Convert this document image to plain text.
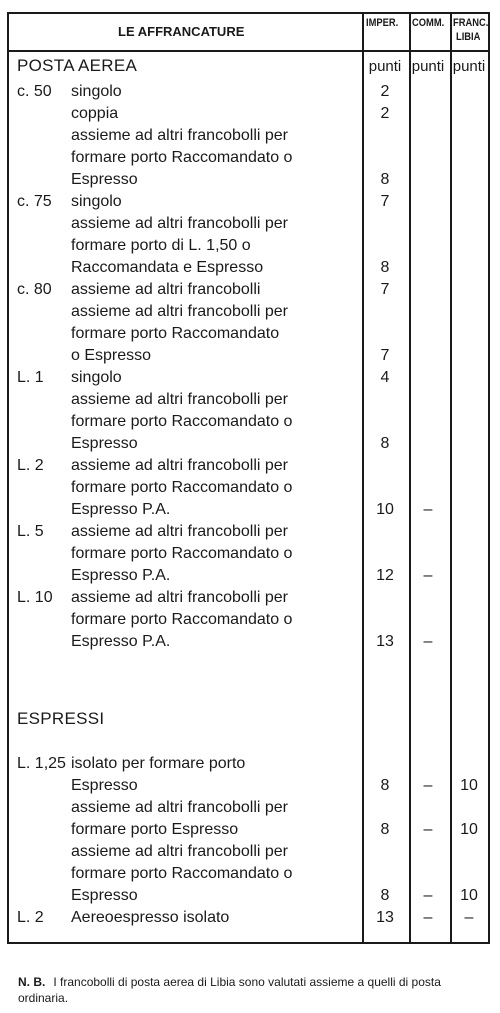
LE AFFRANCATURE
IMPER. COMM. FRANC.
LIBIA
POSTA AEREA	punti punti punti
c. 50 singolo	2
coppia	2
assieme ad altri francobolli per
formare porto Raccomandato o
Espresso	8
c. 75 singolo	7
assieme ad altri francobolli per
formare porto di L. 1,50 o
Raccomandata e Espresso	8
c. 80 assieme ad altri francobolli	7
assieme ad altri francobolli per
formare porto Raccomandato
o Espresso	7
L. 1 singolo	4
assieme ad altri francobolli per
formare porto Raccomandato o
Espresso	8
L. 2 assieme ad altri francobolli per
formare porto Raccomandato o
Espresso P.A.	10	–
L. 5 assieme ad altri francobolli per
formare porto Raccomandato o
Espresso P.A.	12	–
L. 10 assieme ad altri francobolli per
formare porto Raccomandato o
Espresso P.A.	13	–
ESPRESSI
L. 1,25 isolato per formare porto
Espresso	8	–	10
assieme ad altri francobolli per
formare porto Espresso	8	–	10
assieme ad altri francobolli per
formare porto Raccomandato o
Espresso	8	–	10
L. 2 Aereoespresso isolato	13	–	–
N. B. I francobolli di posta aerea di Libia sono valutati assieme a quelli di posta ordinaria.
